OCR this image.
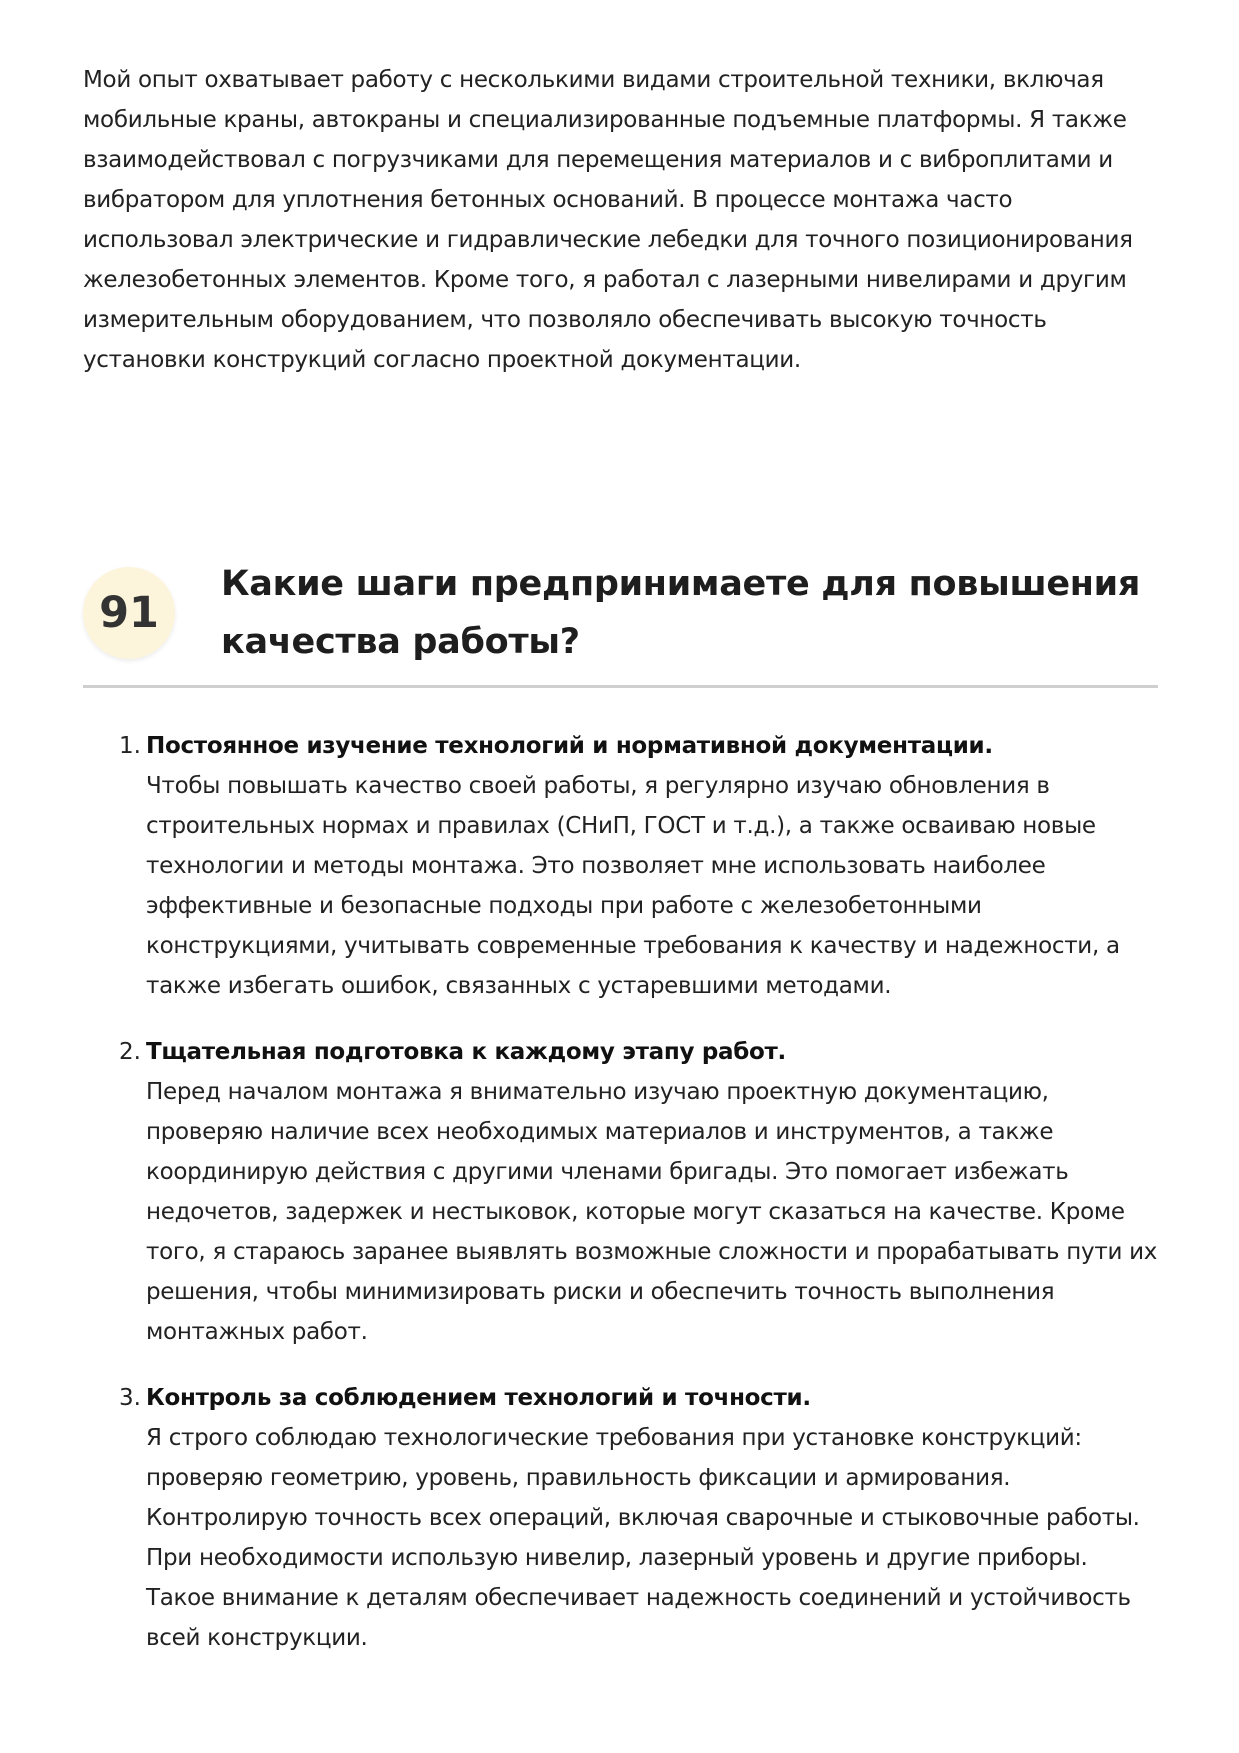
Мой опыт охватывает работу с несколькими видами строительной техники, включая мобильные краны, автокраны и специализированные подъемные платформы. Я также взаимодействовал с погрузчиками для перемещения материалов и с виброплитами и вибратором для уплотнения бетонных оснований. В процессе монтажа часто использовал электрические и гидравлические лебедки для точного позиционирования железобетонных элементов. Кроме того, я работал с лазерными нивелирами и другим измерительным оборудованием, что позволяло обеспечивать высокую точность установки конструкций согласно проектной документации.

91
Какие шаги предпринимаете для повышения качества работы?
1. Постоянное изучение технологий и нормативной документации.
Чтобы повышать качество своей работы, я регулярно изучаю обновления в строительных нормах и правилах (СНиП, ГОСТ и т.д.), а также осваиваю новые технологии и методы монтажа. Это позволяет мне использовать наиболее эффективные и безопасные подходы при работе с железобетонными конструкциями, учитывать современные требования к качеству и надежности, а также избегать ошибок, связанных с устаревшими методами.
2. Тщательная подготовка к каждому этапу работ.
Перед началом монтажа я внимательно изучаю проектную документацию, проверяю наличие всех необходимых материалов и инструментов, а также координирую действия с другими членами бригады. Это помогает избежать недочетов, задержек и нестыковок, которые могут сказаться на качестве. Кроме того, я стараюсь заранее выявлять возможные сложности и прорабатывать пути их решения, чтобы минимизировать риски и обеспечить точность выполнения монтажных работ.
3. Контроль за соблюдением технологий и точности.
Я строго соблюдаю технологические требования при установке конструкций: проверяю геометрию, уровень, правильность фиксации и армирования. Контролирую точность всех операций, включая сварочные и стыковочные работы. При необходимости использую нивелир, лазерный уровень и другие приборы. Такое внимание к деталям обеспечивает надежность соединений и устойчивость всей конструкции.
